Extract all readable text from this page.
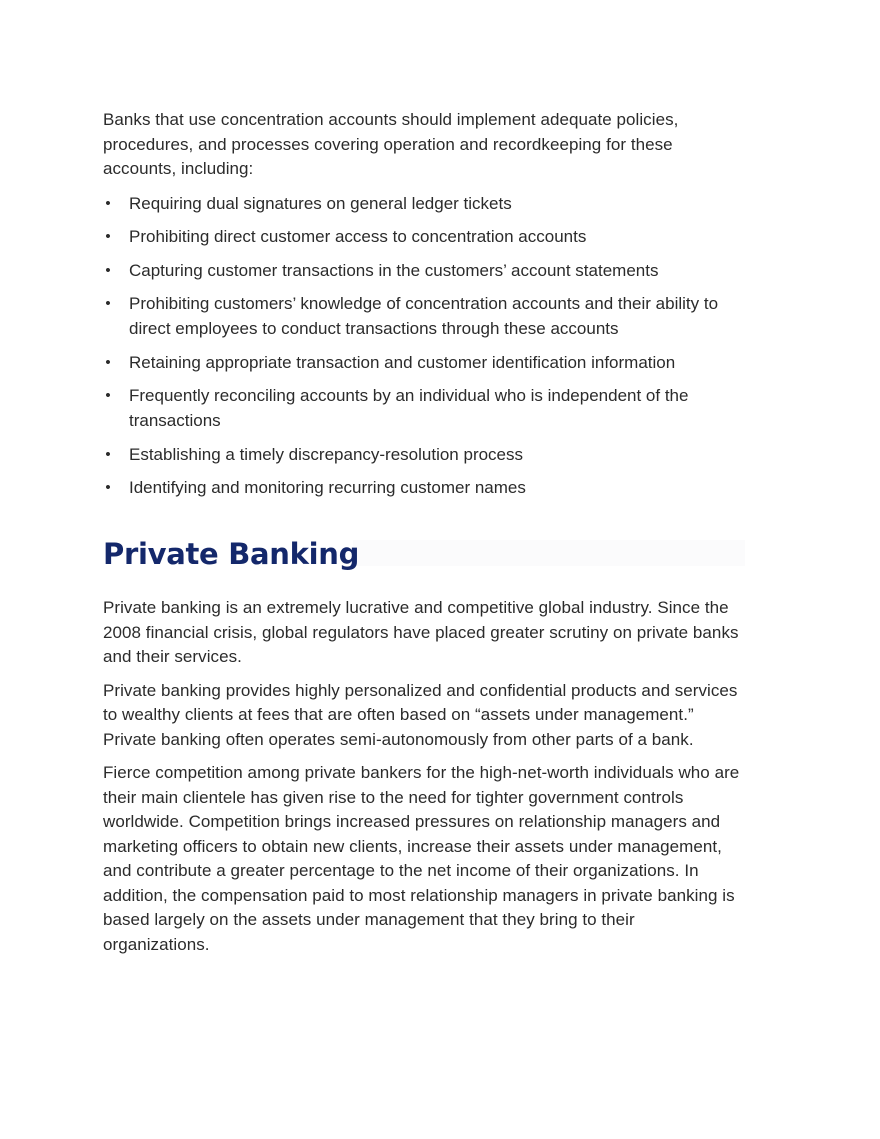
Banks that use concentration accounts should implement adequate policies, procedures, and processes covering operation and recordkeeping for these accounts, including:

• Requiring dual signatures on general ledger tickets
• Prohibiting direct customer access to concentration accounts
• Capturing customer transactions in the customers’ account statements
• Prohibiting customers’ knowledge of concentration accounts and their ability to direct employees to conduct transactions through these accounts
• Retaining appropriate transaction and customer identification information
• Frequently reconciling accounts by an individual who is independent of the transactions
• Establishing a timely discrepancy-resolution process
• Identifying and monitoring recurring customer names
Private Banking

Private banking is an extremely lucrative and competitive global industry. Since the 2008 financial crisis, global regulators have placed greater scrutiny on private banks and their services.

Private banking provides highly personalized and confidential products and services to wealthy clients at fees that are often based on “assets under management.” Private banking often operates semi-autonomously from other parts of a bank.

Fierce competition among private bankers for the high-net-worth individuals who are their main clientele has given rise to the need for tighter government controls worldwide. Competition brings increased pressures on relationship managers and marketing officers to obtain new clients, increase their assets under management, and contribute a greater percentage to the net income of their organizations. In addition, the compensation paid to most relationship managers in private banking is based largely on the assets under management that they bring to their organizations.
